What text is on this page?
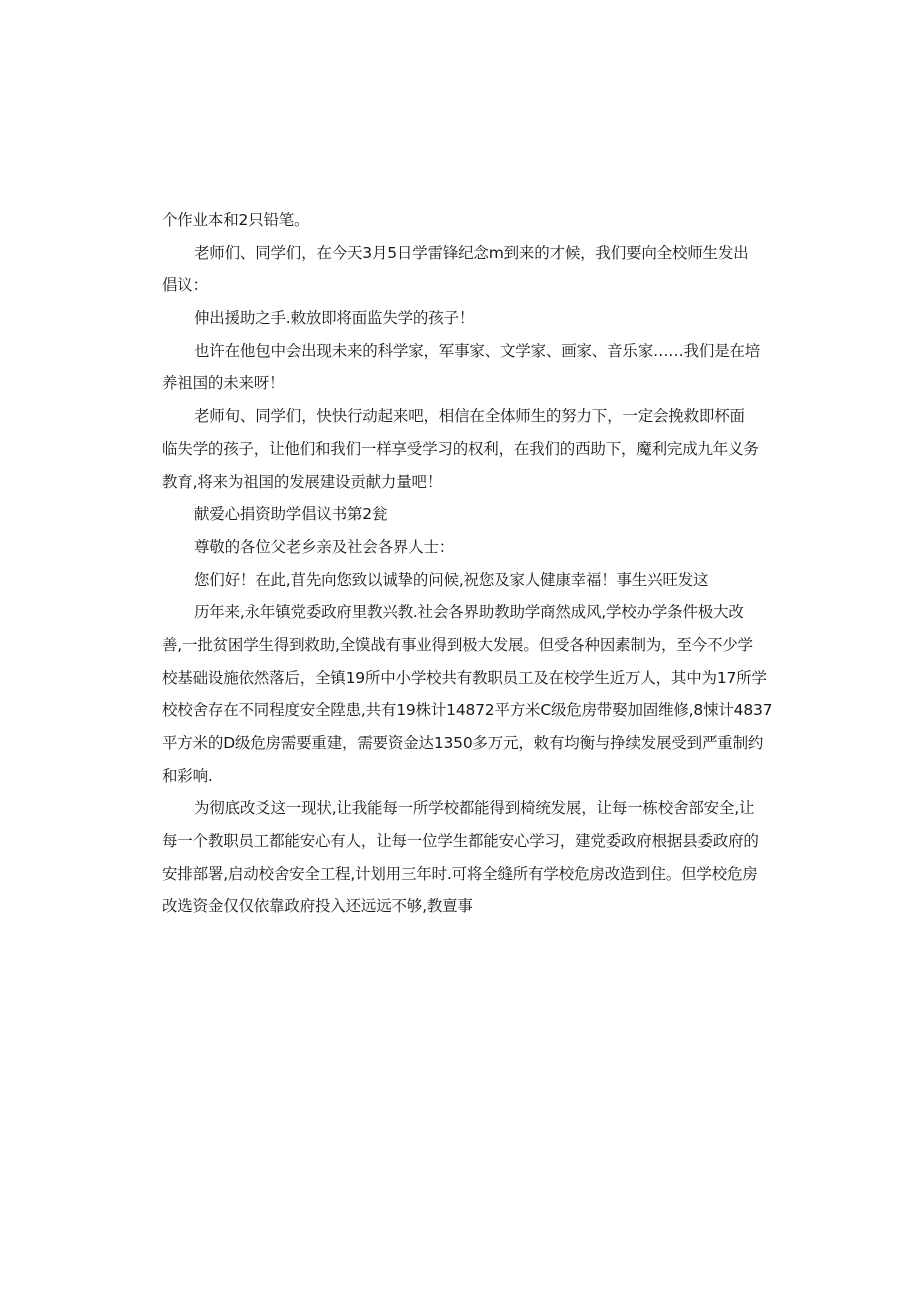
个作业本和2只铅笔。
老师们、同学们，在今天3月5日学雷锋纪念m到来的才候，我们要向全校师生发出
倡议：
伸出援助之手.敕放即将面监失学的孩子！
也许在他包中会出现未来的科学家，军事家、文学家、画家、音乐家……我们是在培
养祖国的未来呀！
老师旬、同学们，快快行动起来吧，相信在全体师生的努力下，一定会挽救即杯面
临失学的孩子，让他们和我们一样享受学习的权利，在我们的西助下，魔利完成九年义务
教育,将来为祖国的发展建设贡献力量吧！
献爱心捐资助学倡议书第2瓮
尊敬的各位父老乡亲及社会各界人士：
您们好！在此,苜先向您致以诚挚的问候,祝您及家人健康幸福！事生兴旺发这
历年来,永年镇党委政府里教兴教.社会各界助教助学商然成风,学校办学条件极大改
善,一批贫困学生得到救助,全馍战有事业得到极大发展。但受各种因素制为，至今不少学
校基础设施依然落后，全镇19所中小学校共有教职员工及在校学生近万人，其中为17所学
校校舍存在不同程度安全陞患,共有19株计14872平方米C级危房带娶加固维修,8悚计4837
平方米的D级危房需要重建，需要资金达1350多万元，敕有均衡与挣续发展受到严重制约
和彩响.
为彻底改爻这一现状,让我能每一所学校都能得到椅统发展，让每一栋校舍部安全,让
每一个教职员工都能安心有人，让每一位学生都能安心学习，建党委政府根据县委政府的
安排部署,启动校舍安全工程,计划用三年时.可将全缝所有学校危房改造到住。但学校危房
改选资金仅仅依靠政府投入还远远不够,教亶事
